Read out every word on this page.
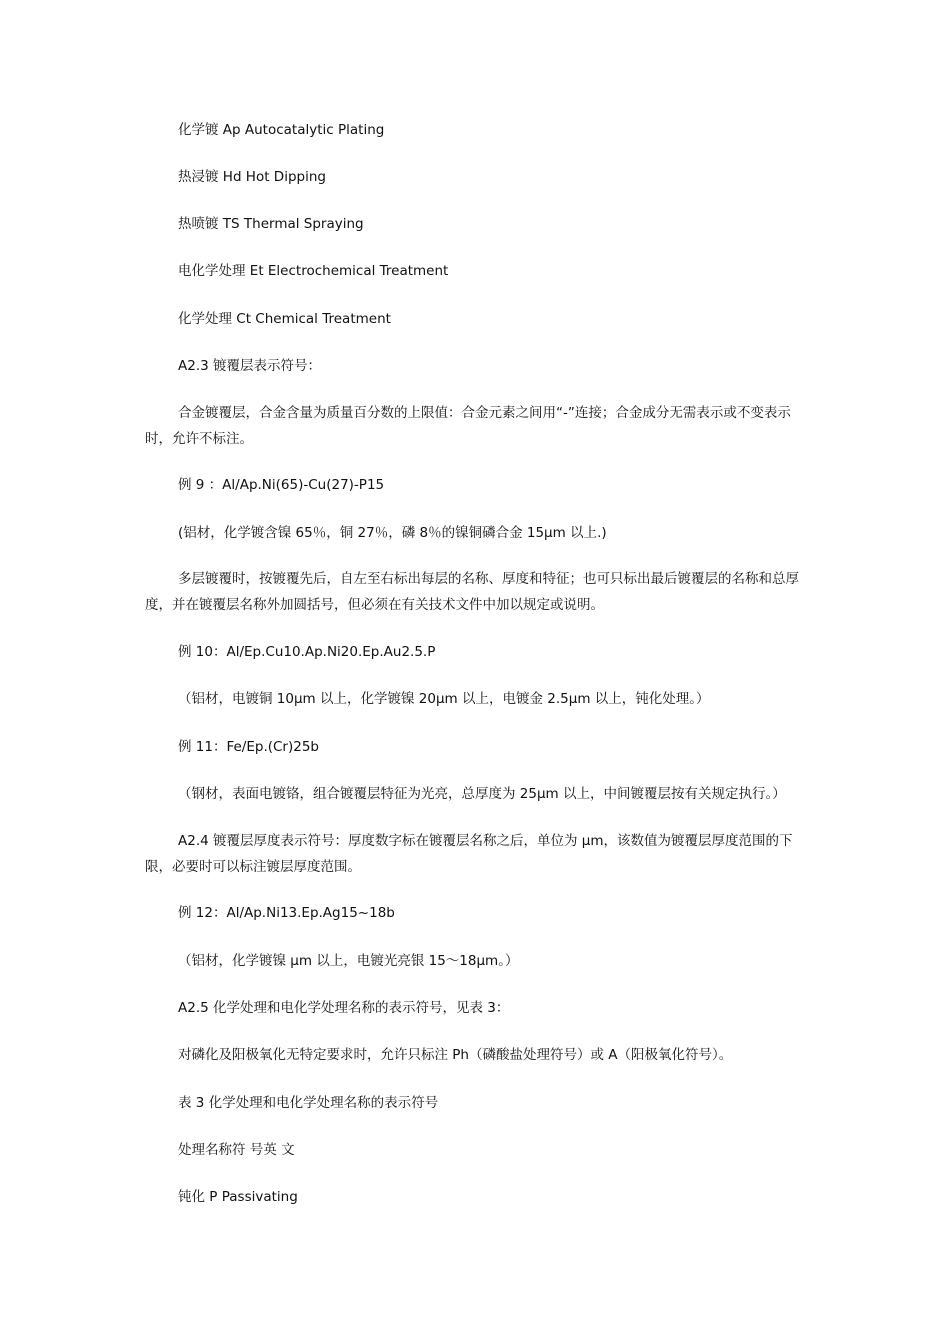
化学镀 Ap Autocatalytic Plating
热浸镀 Hd Hot Dipping
热喷镀 TS Thermal Spraying
电化学处理 Et Electrochemical Treatment
化学处理 Ct Chemical Treatment
A2.3 镀覆层表示符号：
合金镀覆层，合金含量为质量百分数的上限值：合金元素之间用“-”连接；合金成分无需表示或不变表示时，允许不标注。
例 9 ：Al/Ap.Ni(65)-Cu(27)-P15
(铝材，化学镀含镍 65％，铜 27％，磷 8％的镍铜磷合金 15μm 以上.)
多层镀覆时，按镀覆先后，自左至右标出每层的名称、厚度和特征；也可只标出最后镀覆层的名称和总厚度，并在镀覆层名称外加圆括号，但必须在有关技术文件中加以规定或说明。
例 10：Al/Ep.Cu10.Ap.Ni20.Ep.Au2.5.P
（铝材，电镀铜 10μm 以上，化学镀镍 20μm 以上，电镀金 2.5μm 以上，钝化处理。）
例 11：Fe/Ep.(Cr)25b
（钢材，表面电镀铬，组合镀覆层特征为光亮，总厚度为 25μm 以上，中间镀覆层按有关规定执行。）
A2.4 镀覆层厚度表示符号：厚度数字标在镀覆层名称之后，单位为 μm，该数值为镀覆层厚度范围的下限，必要时可以标注镀层厚度范围。
例 12：Al/Ap.Ni13.Ep.Ag15~18b
（铝材，化学镀镍 μm 以上，电镀光亮银 15～18μm。）
A2.5 化学处理和电化学处理名称的表示符号，见表 3：
对磷化及阳极氧化无特定要求时，允许只标注 Ph（磷酸盐处理符号）或 A（阳极氧化符号）。
表 3 化学处理和电化学处理名称的表示符号
处理名称符 号英 文
钝化 P Passivating
